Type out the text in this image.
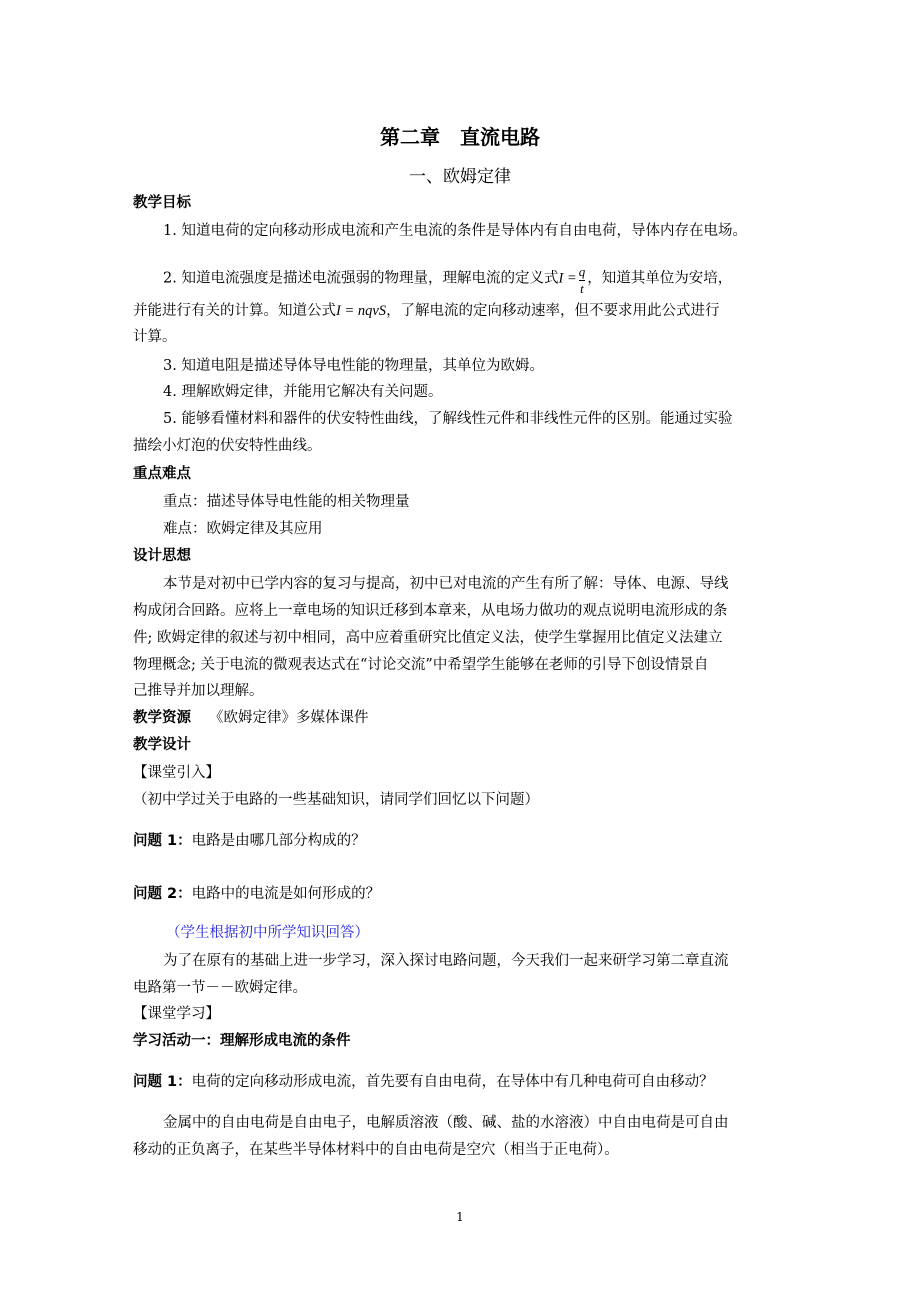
第二章　直流电路
一、欧姆定律
教学目标
1. 知道电荷的定向移动形成电流和产生电流的条件是导体内有自由电荷，导体内存在电场。
2. 知道电流强度是描述电流强弱的物理量，理解电流的定义式$I = \frac{q}{t}$ ，知道其单位为安培，
并能进行有关的计算。知道公式I = nqvS，了解电流的定向移动速率，但不要求用此公式进行
计算。
3. 知道电阻是描述导体导电性能的物理量，其单位为欧姆。
4. 理解欧姆定律，并能用它解决有关问题。
5. 能够看懂材料和器件的伏安特性曲线，了解线性元件和非线性元件的区别。能通过实验
描绘小灯泡的伏安特性曲线。
重点难点
重点：描述导体导电性能的相关物理量
难点：欧姆定律及其应用
设计思想
本节是对初中已学内容的复习与提高，初中已对电流的产生有所了解：导体、电源、导线
构成闭合回路。应将上一章电场的知识迁移到本章来，从电场力做功的观点说明电流形成的条
件; 欧姆定律的叙述与初中相同，高中应着重研究比值定义法，使学生掌握用比值定义法建立
物理概念; 关于电流的微观表达式在“讨论交流”中希望学生能够在老师的引导下创设情景自
己推导并加以理解。
教学资源 《欧姆定律》多媒体课件
教学设计
【课堂引入】
（初中学过关于电路的一些基础知识，请同学们回忆以下问题）
问题 1：电路是由哪几部分构成的？
问题 2：电路中的电流是如何形成的？
（学生根据初中所学知识回答）
为了在原有的基础上进一步学习，深入探讨电路问题，今天我们一起来研学习第二章直流
电路第一节－－欧姆定律。
【课堂学习】
学习活动一：理解形成电流的条件
问题 1：电荷的定向移动形成电流，首先要有自由电荷，在导体中有几种电荷可自由移动？
金属中的自由电荷是自由电子，电解质溶液（酸、碱、盐的水溶液）中自由电荷是可自由
移动的正负离子，在某些半导体材料中的自由电荷是空穴（相当于正电荷）。
1
